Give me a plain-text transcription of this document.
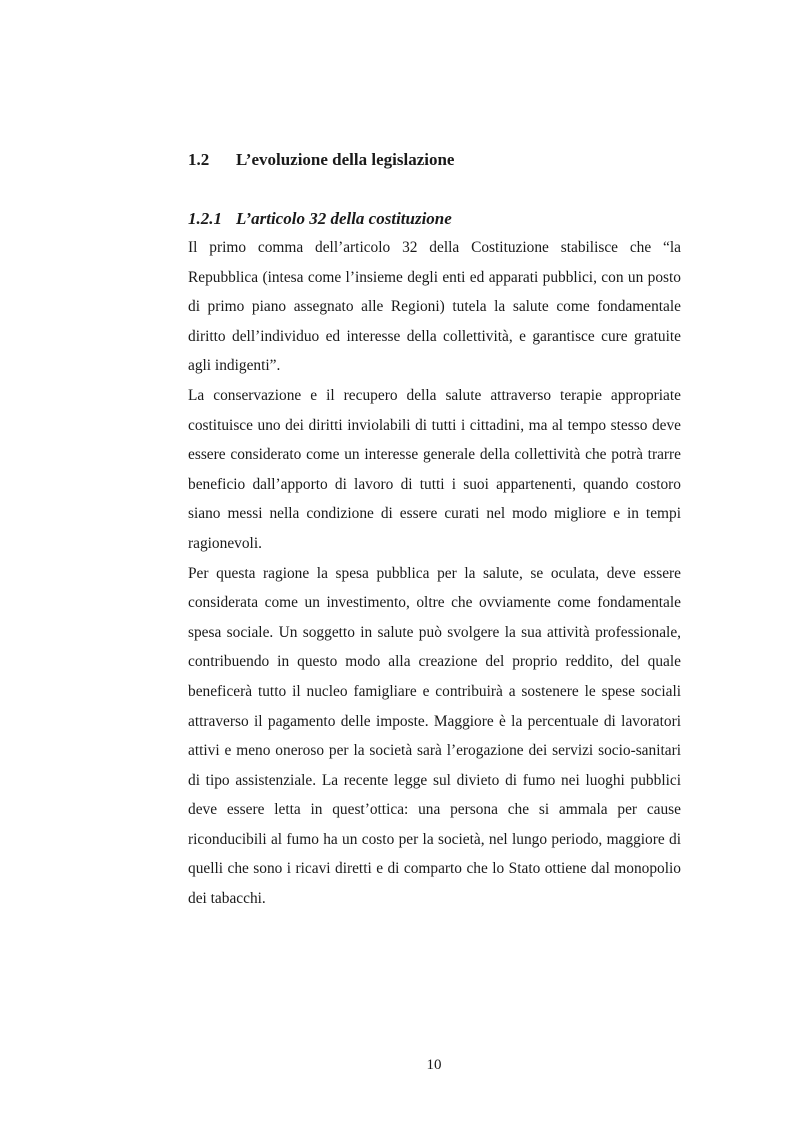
1.2 L’evoluzione della legislazione
1.2.1 L’articolo 32 della costituzione

Il primo comma dell’articolo 32 della Costituzione stabilisce che “la Repubblica (intesa come l’insieme degli enti ed apparati pubblici, con un posto di primo piano assegnato alle Regioni) tutela la salute come fondamentale diritto dell’individuo ed interesse della collettività, e garantisce cure gratuite agli indigenti”.

La conservazione e il recupero della salute attraverso terapie appropriate costituisce uno dei diritti inviolabili di tutti i cittadini, ma al tempo stesso deve essere considerato come un interesse generale della collettività che potrà trarre beneficio dall’apporto di lavoro di tutti i suoi appartenenti, quando costoro siano messi nella condizione di essere curati nel modo migliore e in tempi ragionevoli.

Per questa ragione la spesa pubblica per la salute, se oculata, deve essere considerata come un investimento, oltre che ovviamente come fondamentale spesa sociale. Un soggetto in salute può svolgere la sua attività professionale, contribuendo in questo modo alla creazione del proprio reddito, del quale beneficerà tutto il nucleo famigliare e contribuirà a sostenere le spese sociali attraverso il pagamento delle imposte. Maggiore è la percentuale di lavoratori attivi e meno oneroso per la società sarà l’erogazione dei servizi socio-sanitari di tipo assistenziale. La recente legge sul divieto di fumo nei luoghi pubblici deve essere letta in quest’ottica: una persona che si ammala per cause riconducibili al fumo ha un costo per la società, nel lungo periodo, maggiore di quelli che sono i ricavi diretti e di comparto che lo Stato ottiene dal monopolio dei tabacchi.

10
